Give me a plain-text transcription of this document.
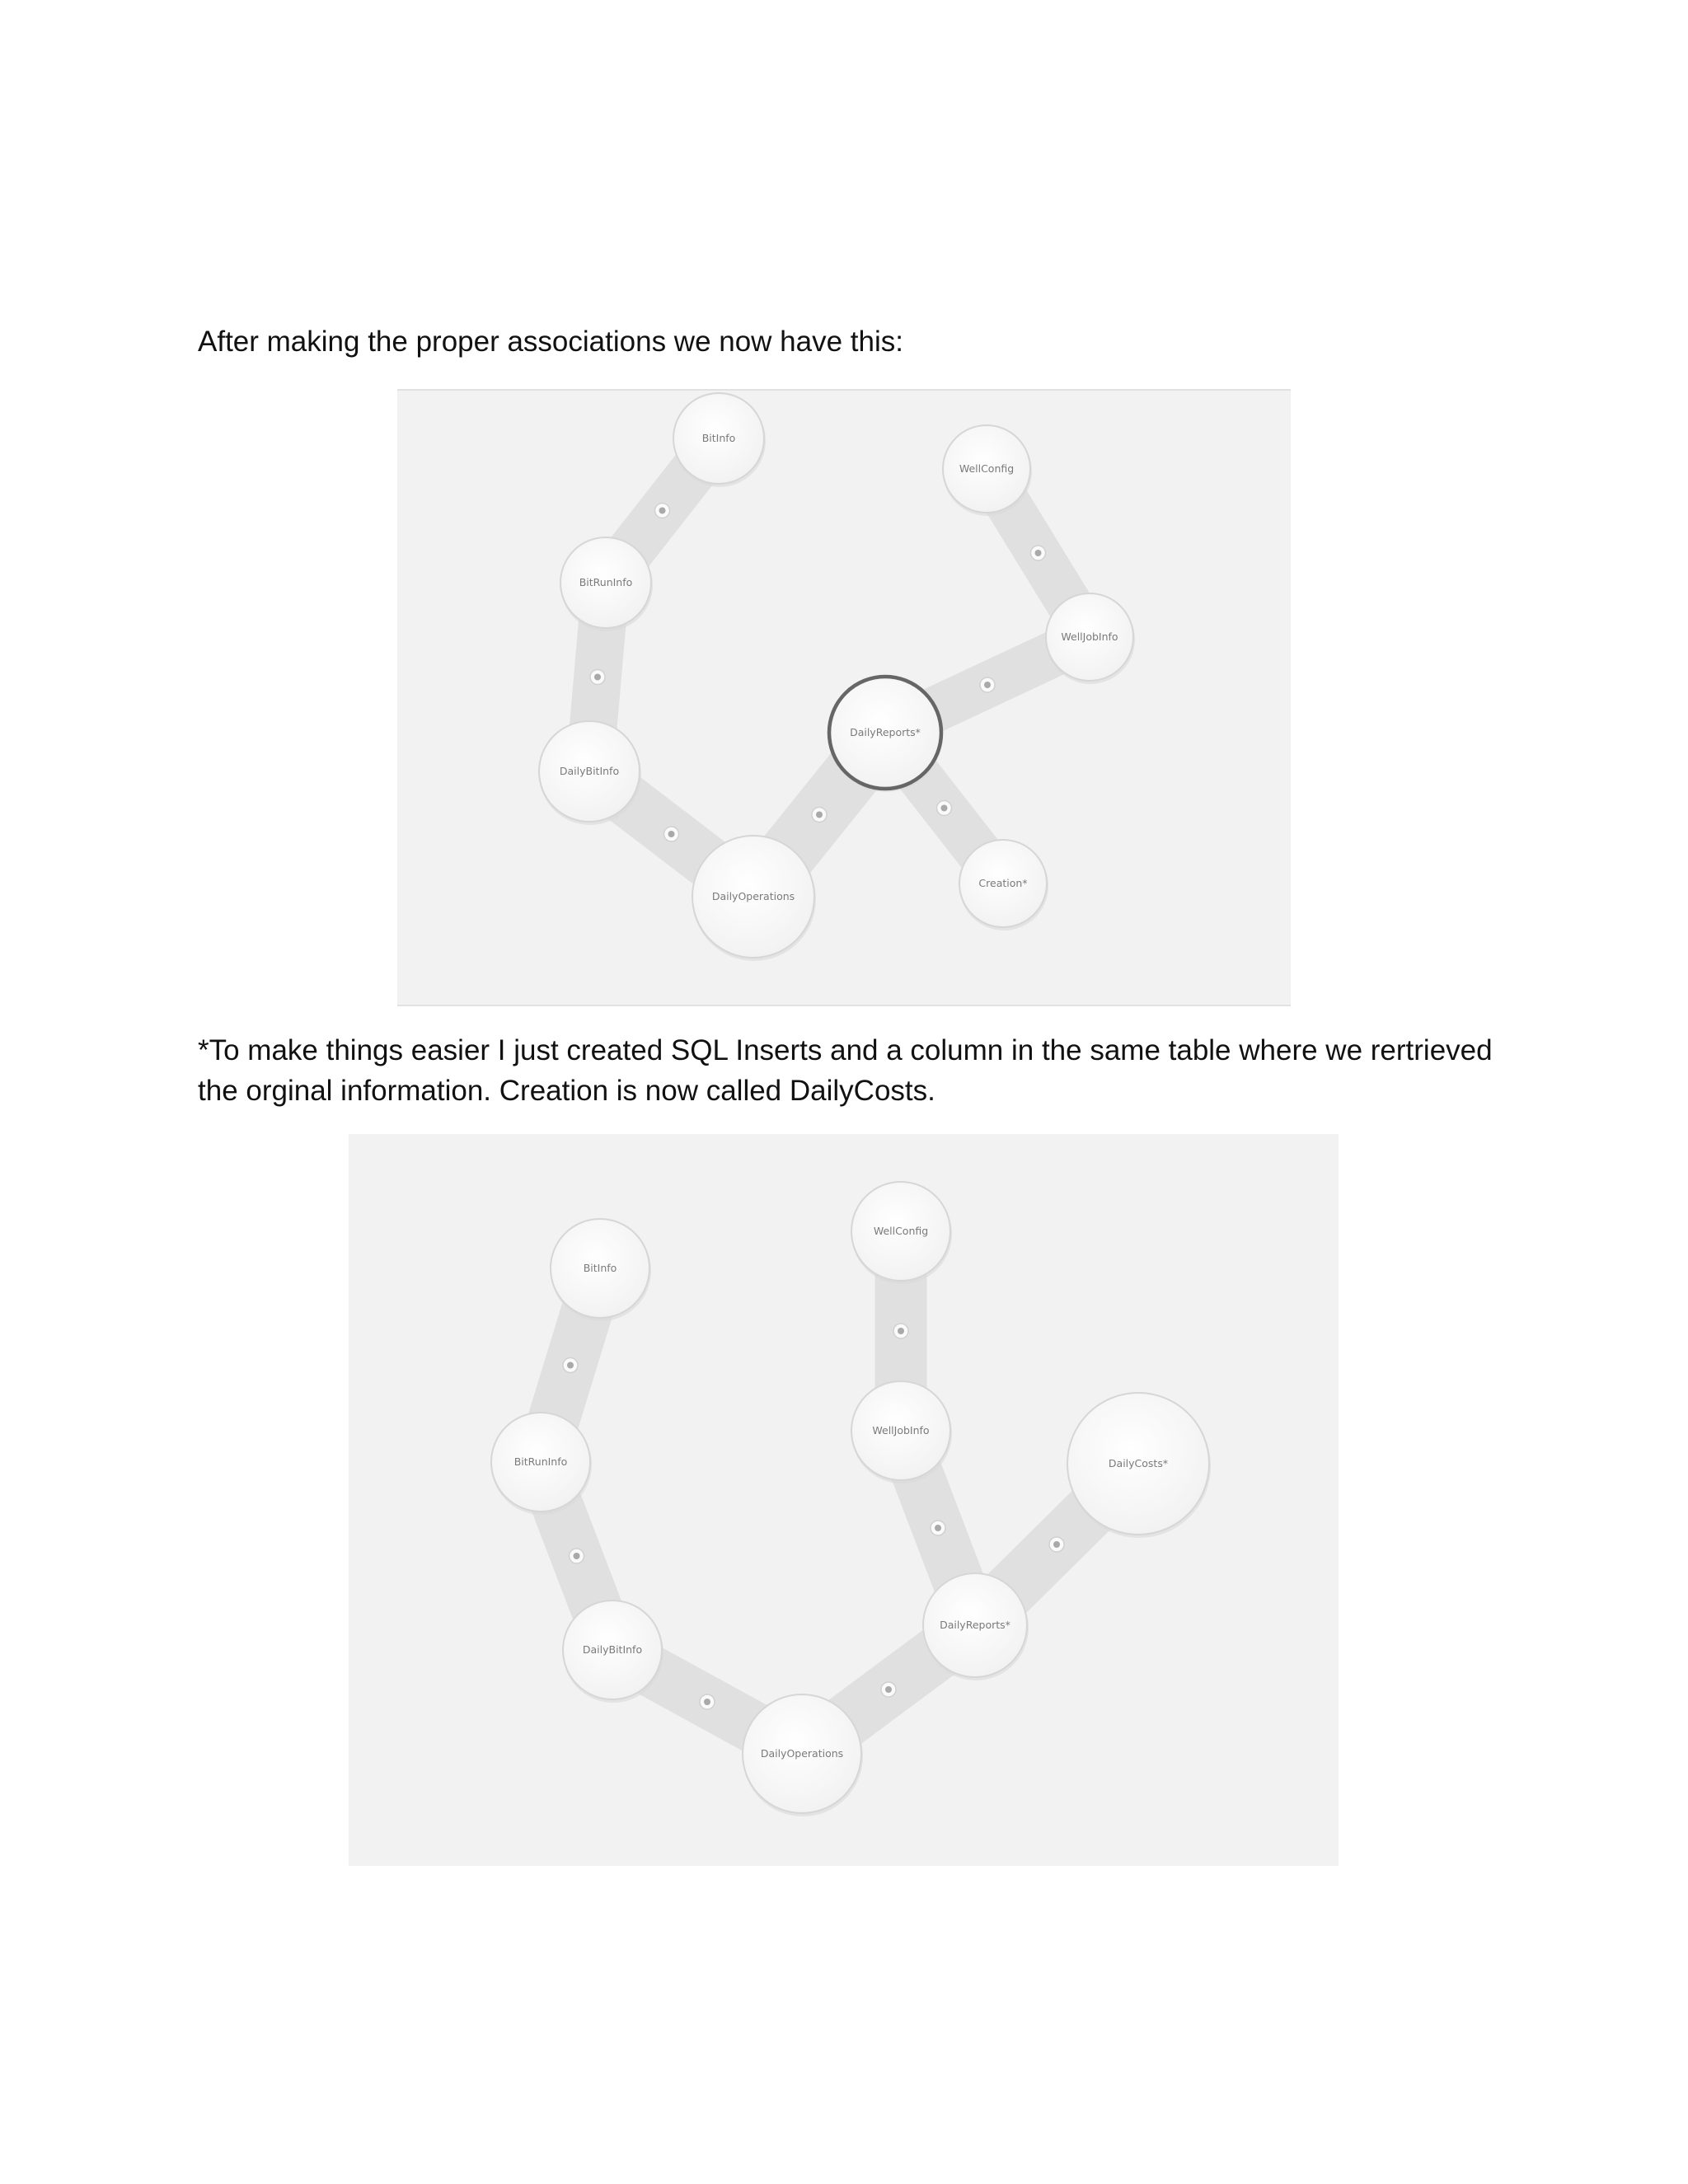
After making the proper associations we now have this:

BitInfo
WellConfig
BitRunInfo
WellJobInfo
DailyReports*
DailyBitInfo
DailyOperations
Creation*

*To make things easier I just created SQL Inserts and a column in the same table where we rertrieved
the orginal information. Creation is now called DailyCosts.

BitInfo
WellConfig
BitRunInfo
WellJobInfo
DailyCosts*
DailyReports*
DailyBitInfo
DailyOperations
